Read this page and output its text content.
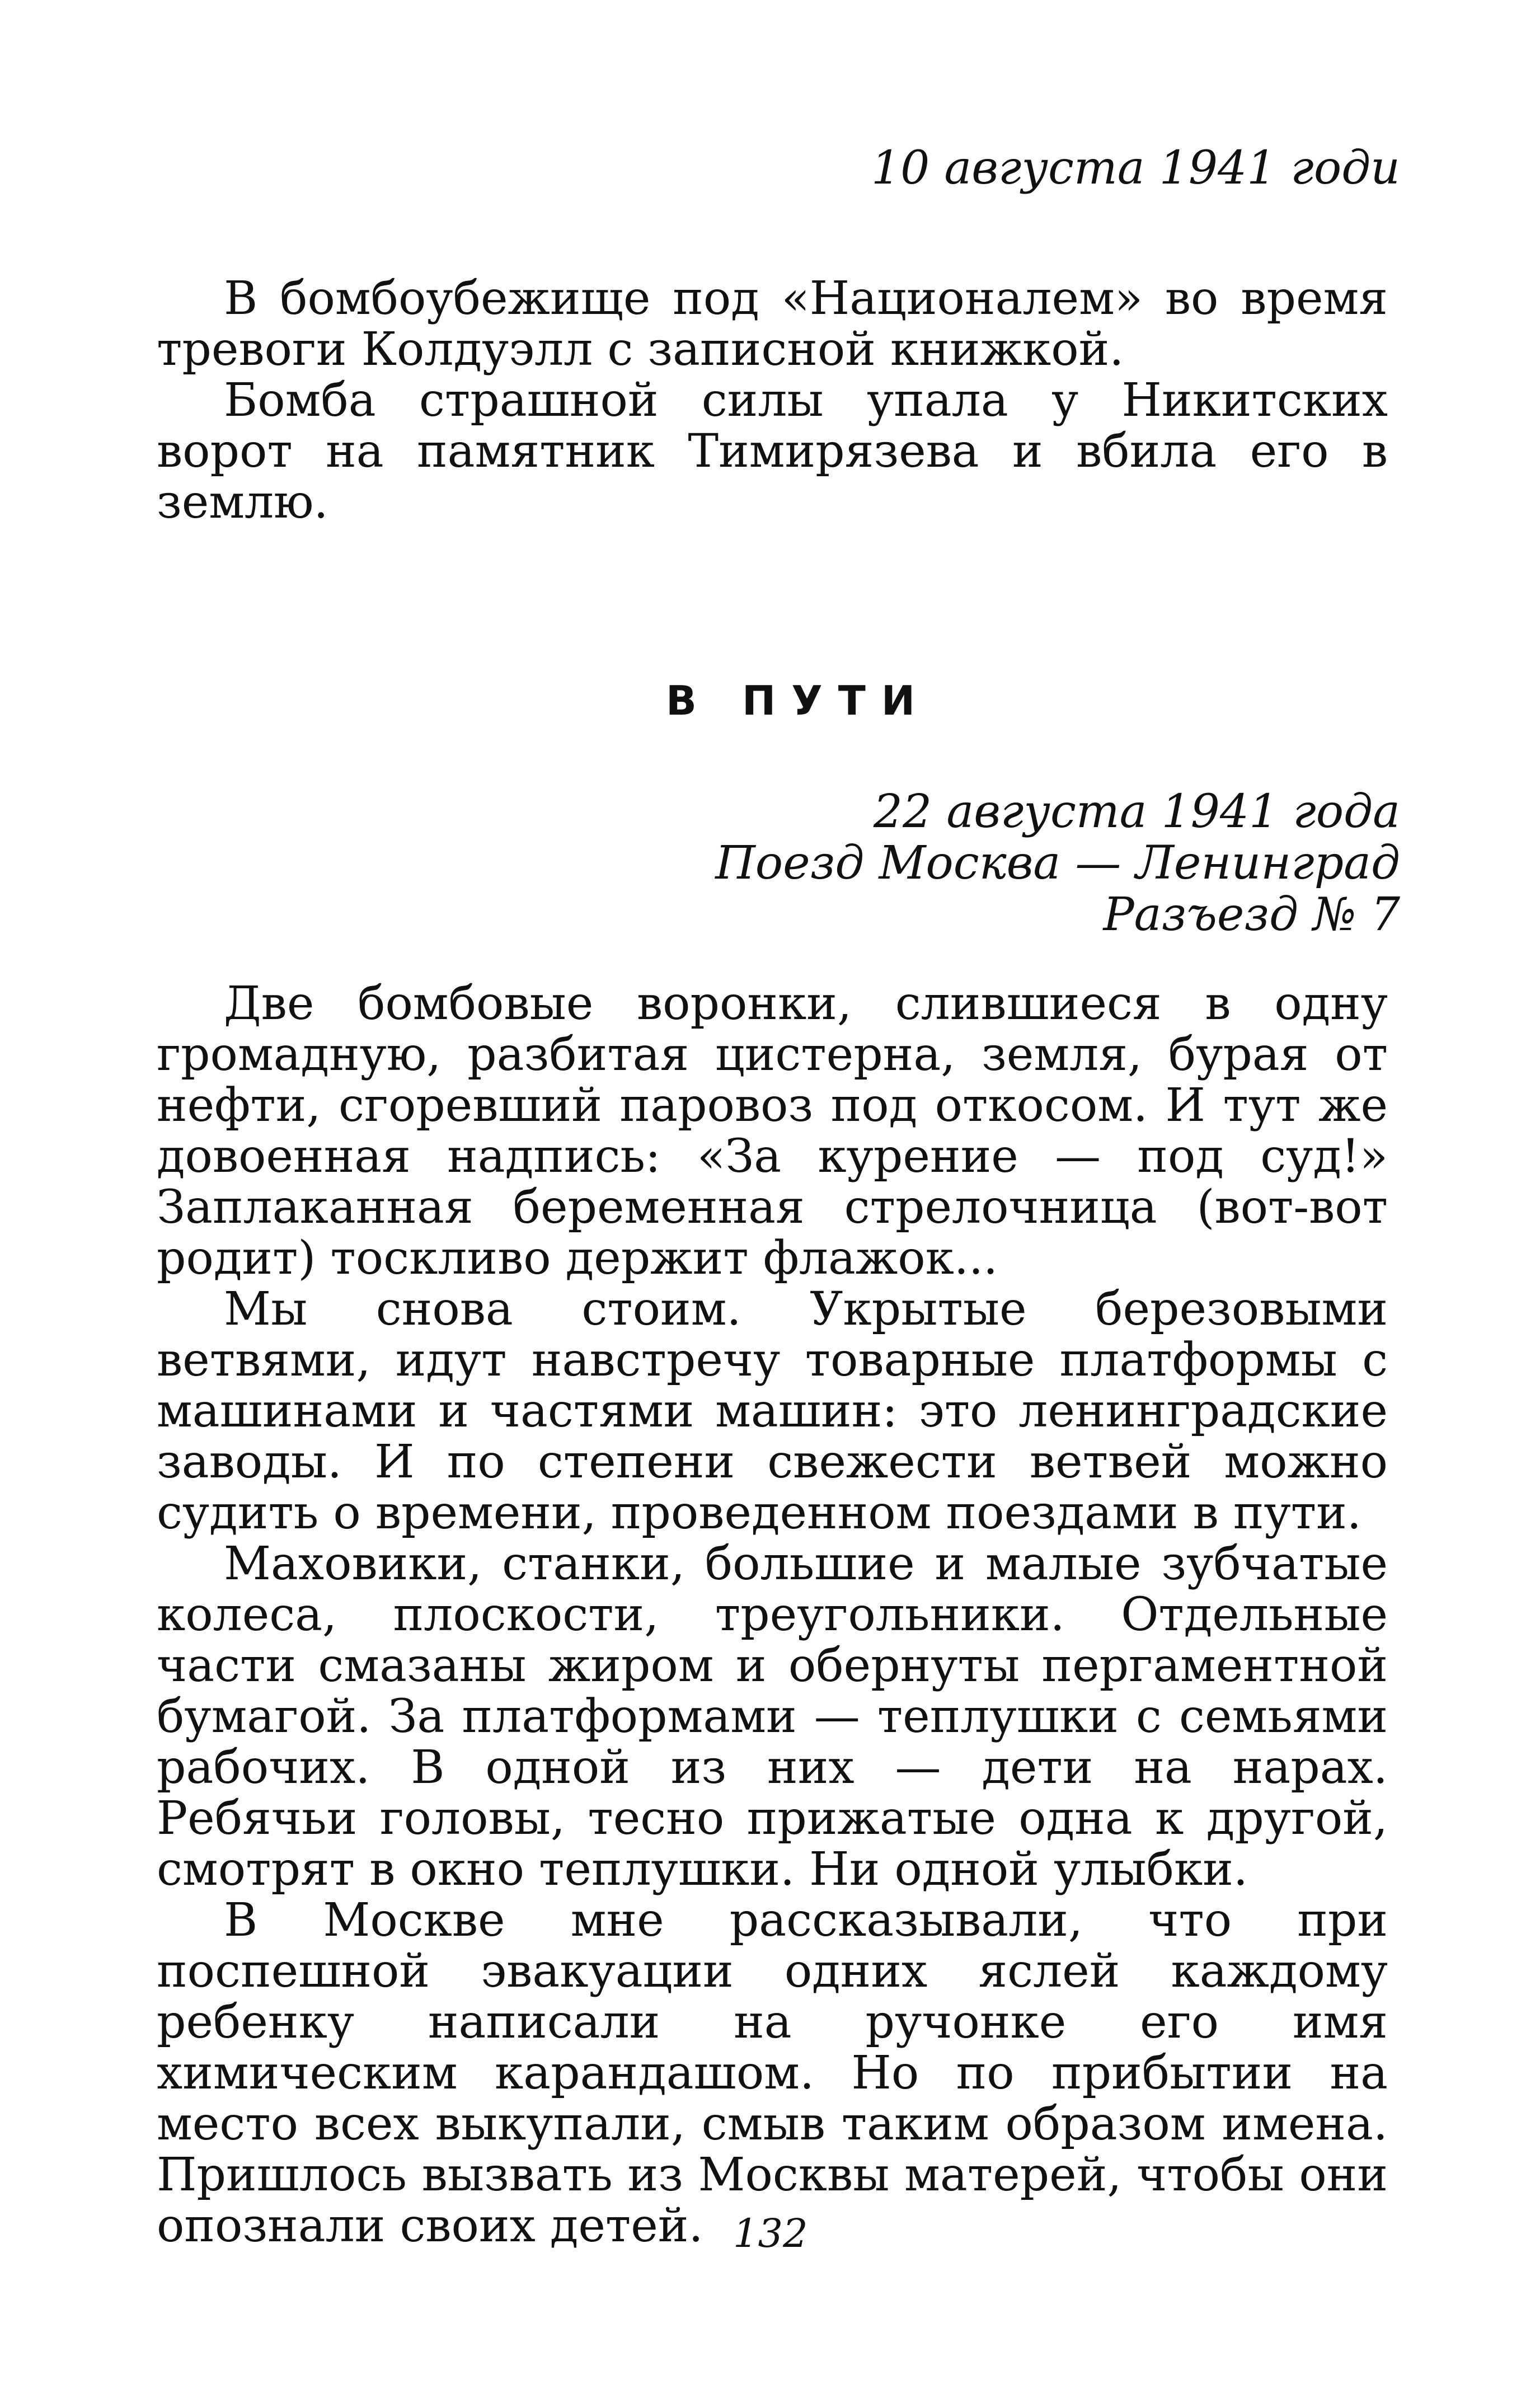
10 августа 1941 годи

В бомбоубежище под «Националем» во время тревоги Колдуэлл с записной книжкой.

Бомба страшной силы упала у Никитских ворот на памятник Тимирязева и вбила его в землю.

В ПУТИ
22 августа 1941 года
Поезд Москва — Ленинград
Разъезд № 7

Две бомбовые воронки, слившиеся в одну громадную, разбитая цистерна, земля, бурая от нефти, сгоревший паровоз под откосом. И тут же довоенная надпись: «За курение — под суд!» Заплаканная беременная стрелочница (вот-вот родит) тоскливо держит флажок...

Мы снова стоим. Укрытые березовыми ветвями, идут навстречу товарные платформы с машинами и частями машин: это ленинградские заводы. И по степени свежести ветвей можно судить о времени, проведенном поездами в пути.

Маховики, станки, большие и малые зубчатые колеса, плоскости, треугольники. Отдельные части смазаны жиром и обернуты пергаментной бумагой. За платформами — теплушки с семьями рабочих. В одной из них — дети на нарах. Ребячьи головы, тесно прижатые одна к другой, смотрят в окно теплушки. Ни одной улыбки.

В Москве мне рассказывали, что при поспешной эвакуации одних яслей каждому ребенку написали на ручонке его имя химическим карандашом. Но по прибытии на место всех выкупали, смыв таким образом имена. Пришлось вызвать из Москвы матерей, чтобы они опознали своих детей. 132
